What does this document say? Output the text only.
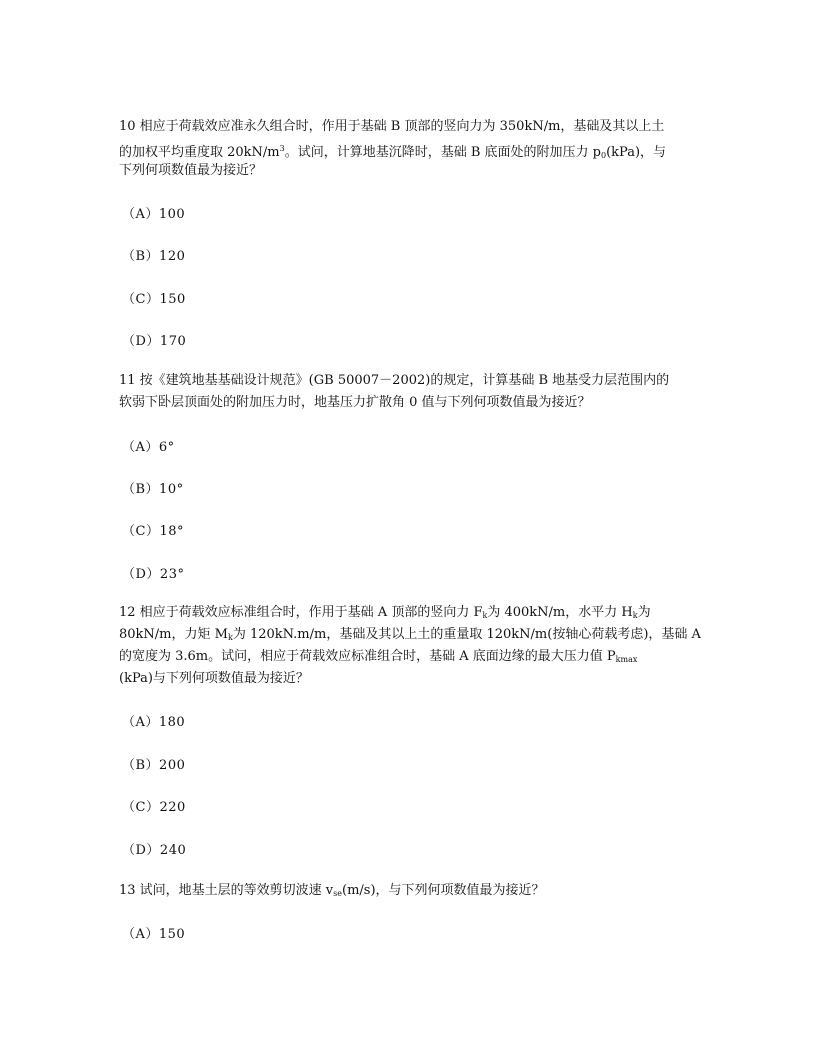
10 相应于荷载效应准永久组合时，作用于基础 B 顶部的竖向力为 350kN/m，基础及其以上土
的加权平均重度取 $20kN/m^3$。试问，计算地基沉降时，基础 B 底面处的附加压力 $p_0(kPa)$，与
下列何项数值最为接近？
（A）100
（B）120
（C）150
（D）170
11 按《建筑地基基础设计规范》(GB 50007－2002)的规定，计算基础 B 地基受力层范围内的
软弱下卧层顶面处的附加压力时，地基压力扩散角 0 值与下列何项数值最为接近？
（A）6°
（B）10°
（C）18°
（D）23°
12 相应于荷载效应标准组合时，作用于基础 A 顶部的竖向力 $F_k$为 400kN/m，水平力 $H_k$为
80kN/m，力矩 $M_k$为 120kN.m/m，基础及其以上土的重量取 120kN/m(按轴心荷载考虑)，基础 A
的宽度为 3.6m。试问，相应于荷载效应标准组合时，基础 A 底面边缘的最大压力值 $P_{kmax}$
(kPa)与下列何项数值最为接近？
（A）180
（B）200
（C）220
（D）240
13 试问，地基土层的等效剪切波速 $v_{se}(m/s)$，与下列何项数值最为接近？
（A）150
